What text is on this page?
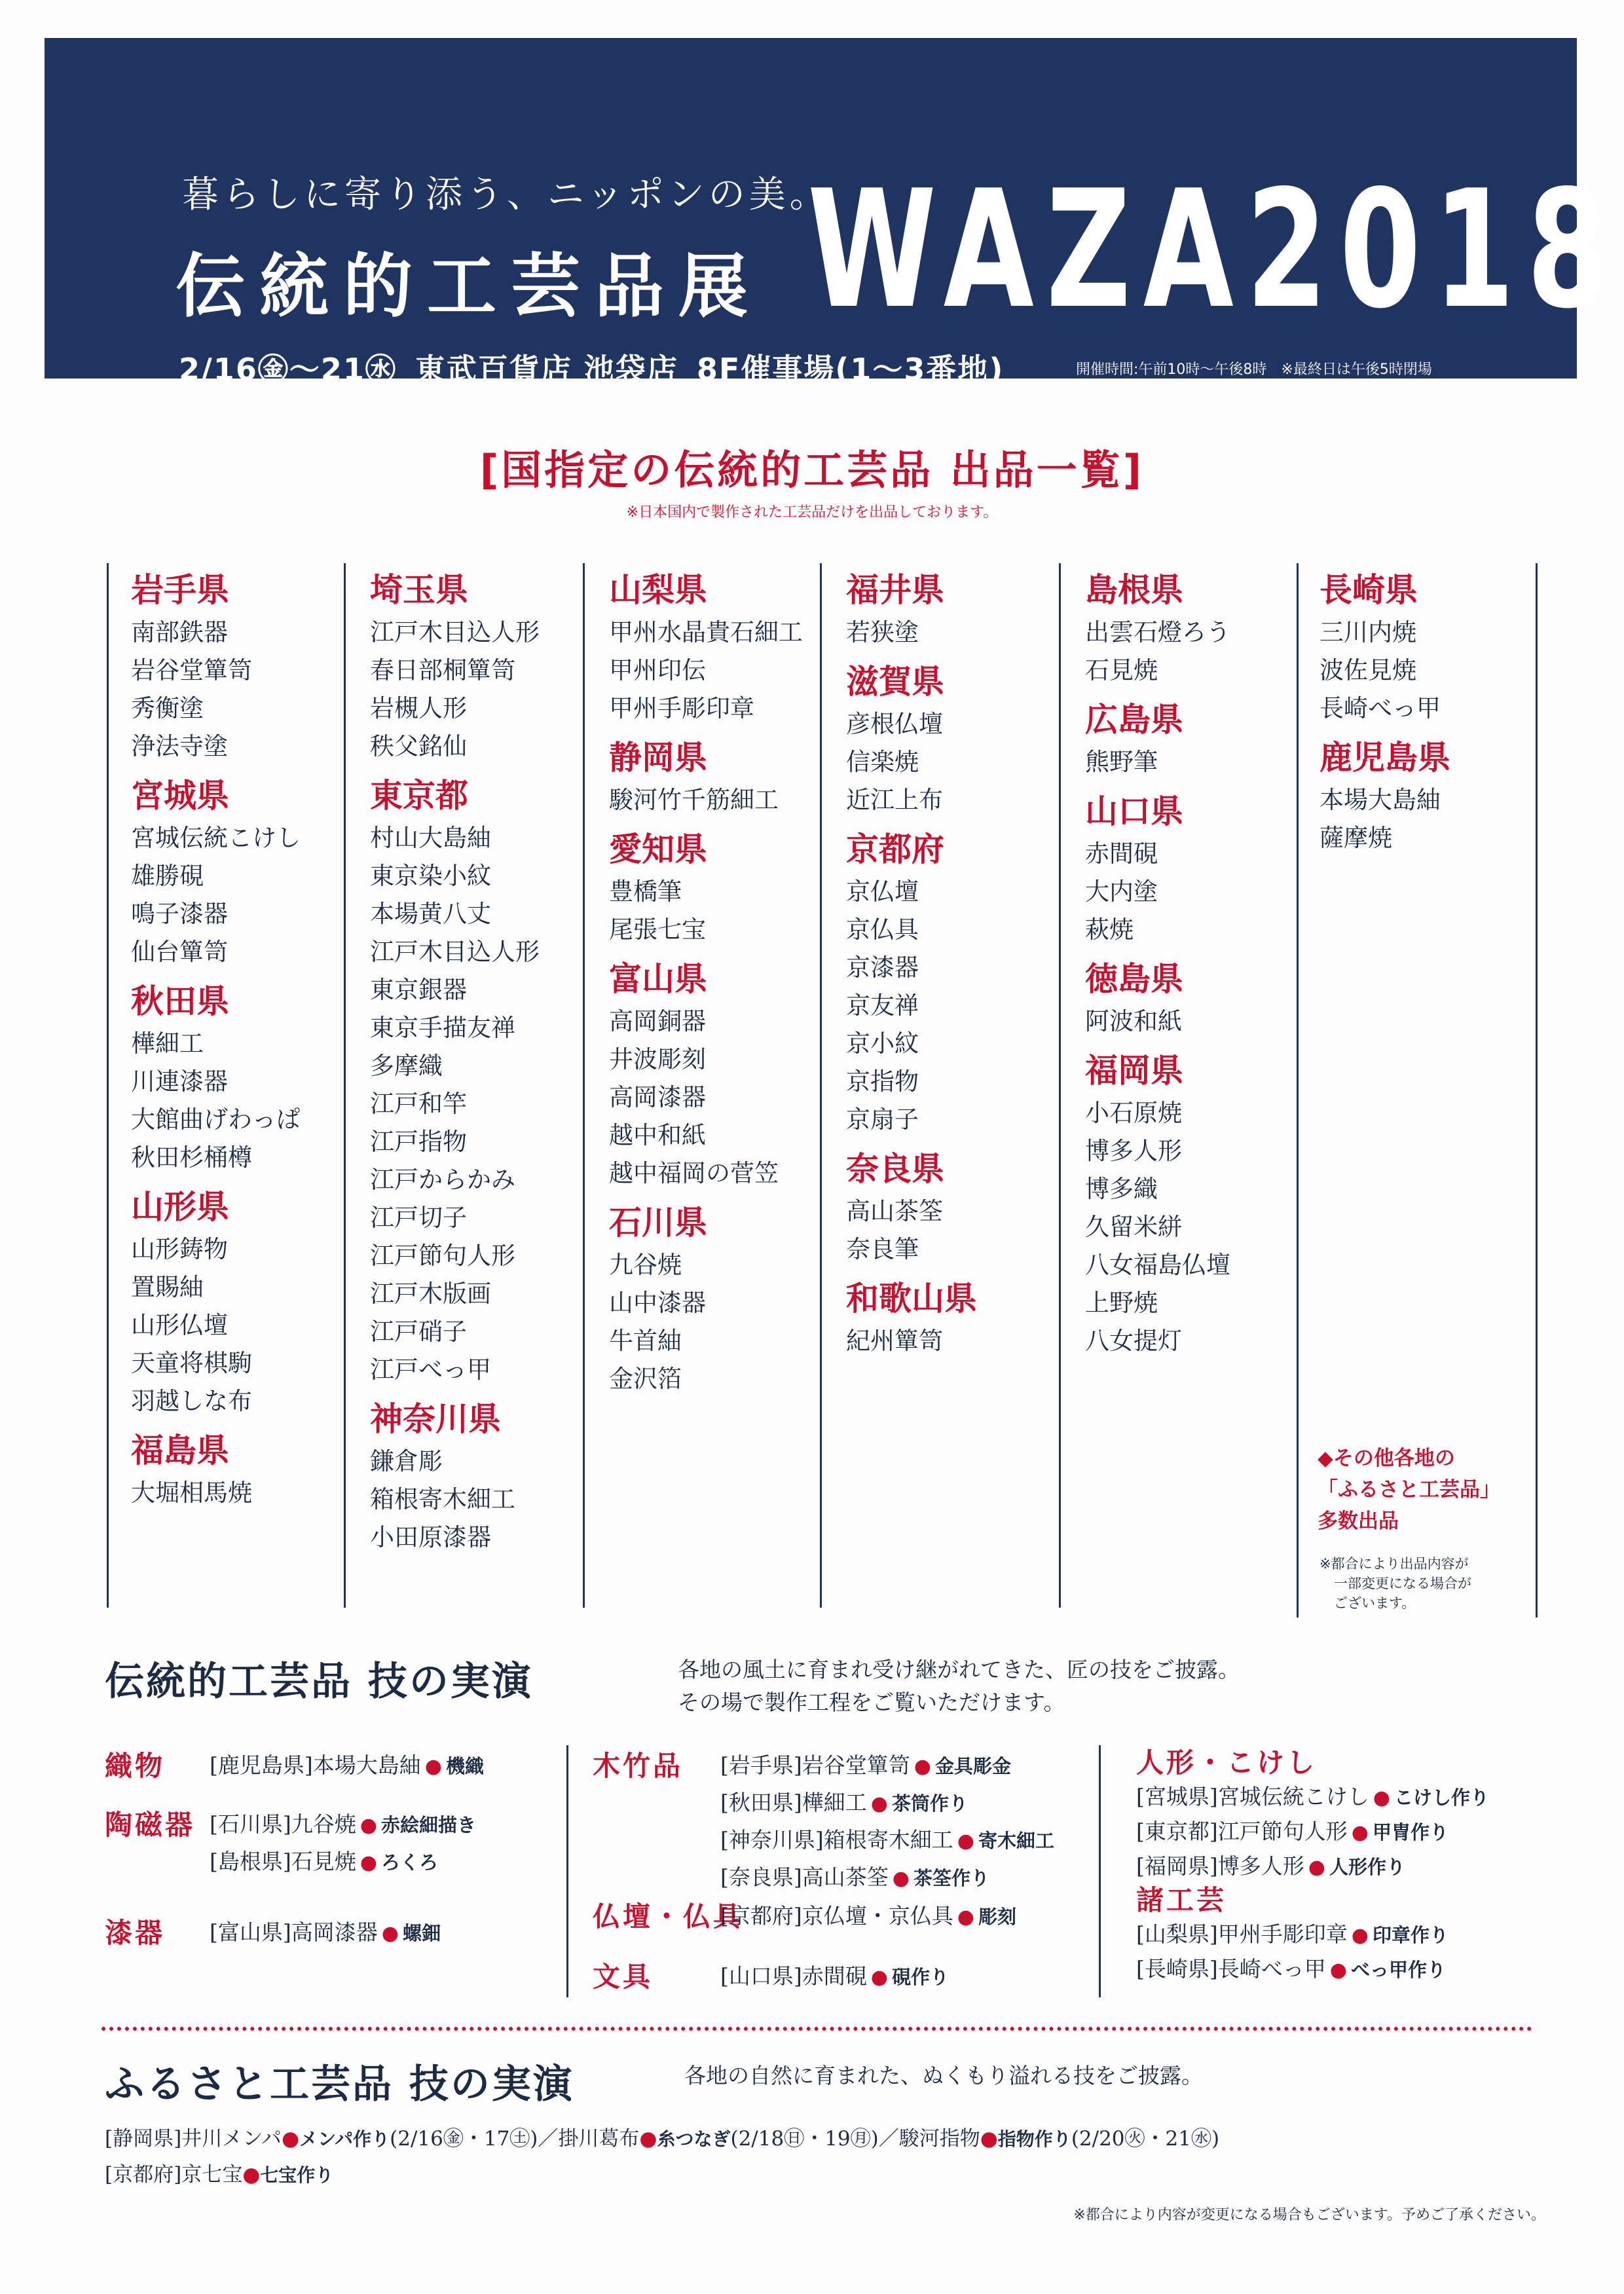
暮らしに寄り添う、ニッポンの美。
伝統的工芸品展 WAZA2018
2/16㊎〜21㊌ 東武百貨店 池袋店 8F催事場(1〜3番地)	開催時間:午前10時〜午後8時　※最終日は午後5時閉場
[国指定の伝統的工芸品 出品一覧]
※日本国内で製作された工芸品だけを出品しております。
岩手県
南部鉄器
岩谷堂簞笥
秀衡塗
浄法寺塗
宮城県
宮城伝統こけし
雄勝硯
鳴子漆器
仙台簞笥
秋田県
樺細工
川連漆器
大館曲げわっぱ
秋田杉桶樽
山形県
山形鋳物
置賜紬
山形仏壇
天童将棋駒
羽越しな布
福島県
大堀相馬焼
埼玉県
江戸木目込人形
春日部桐簞笥
岩槻人形
秩父銘仙
東京都
村山大島紬
東京染小紋
本場黄八丈
江戸木目込人形
東京銀器
東京手描友禅
多摩織
江戸和竿
江戸指物
江戸からかみ
江戸切子
江戸節句人形
江戸木版画
江戸硝子
江戸べっ甲
神奈川県
鎌倉彫
箱根寄木細工
小田原漆器
山梨県
甲州水晶貴石細工
甲州印伝
甲州手彫印章
静岡県
駿河竹千筋細工
愛知県
豊橋筆
尾張七宝
富山県
高岡銅器
井波彫刻
高岡漆器
越中和紙
越中福岡の菅笠
石川県
九谷焼
山中漆器
牛首紬
金沢箔
福井県
若狭塗
滋賀県
彦根仏壇
信楽焼
近江上布
京都府
京仏壇
京仏具
京漆器
京友禅
京小紋
京指物
京扇子
奈良県
高山茶筌
奈良筆
和歌山県
紀州簞笥
島根県
出雲石燈ろう
石見焼
広島県
熊野筆
山口県
赤間硯
大内塗
萩焼
徳島県
阿波和紙
福岡県
小石原焼
博多人形
博多織
久留米絣
八女福島仏壇
上野焼
八女提灯
長崎県
三川内焼
波佐見焼
長崎べっ甲
鹿児島県
本場大島紬
薩摩焼
◆その他各地の
「ふるさと工芸品」
多数出品
※都合により出品内容が
一部変更になる場合が
ございます。
伝統的工芸品 技の実演	各地の風土に育まれ受け継がれてきた、匠の技をご披露。
その場で製作工程をご覧いただけます。
織物 [鹿児島県]本場大島紬 ● 機織
陶磁器 [石川県]九谷焼 ● 赤絵細描き
[島根県]石見焼 ● ろくろ
漆器 [富山県]高岡漆器 ● 螺鈿
木竹品 [岩手県]岩谷堂簞笥 ● 金具彫金
[秋田県]樺細工 ● 茶筒作り
[神奈川県]箱根寄木細工 ● 寄木細工
[奈良県]高山茶筌 ● 茶筌作り
仏壇・仏具
[京都府]京仏壇・京仏具 ● 彫刻
文具	[山口県]赤間硯 ● 硯作り
人形・こけし
[宮城県]宮城伝統こけし ● こけし作り
[東京都]江戸節句人形 ● 甲冑作り
[福岡県]博多人形 ● 人形作り
諸工芸
[山梨県]甲州手彫印章 ● 印章作り
[長崎県]長崎べっ甲 ● べっ甲作り
ふるさと工芸品 技の実演	各地の自然に育まれた、ぬくもり溢れる技をご披露。
[静岡県]井川メンパ●メンパ作り(2/16㊎・17㊏)／掛川葛布●糸つなぎ(2/18㊐・19㊊)／駿河指物●指物作り(2/20㊋・21㊌)
[京都府]京七宝●七宝作り
※都合により内容が変更になる場合もございます。予めご了承ください。
